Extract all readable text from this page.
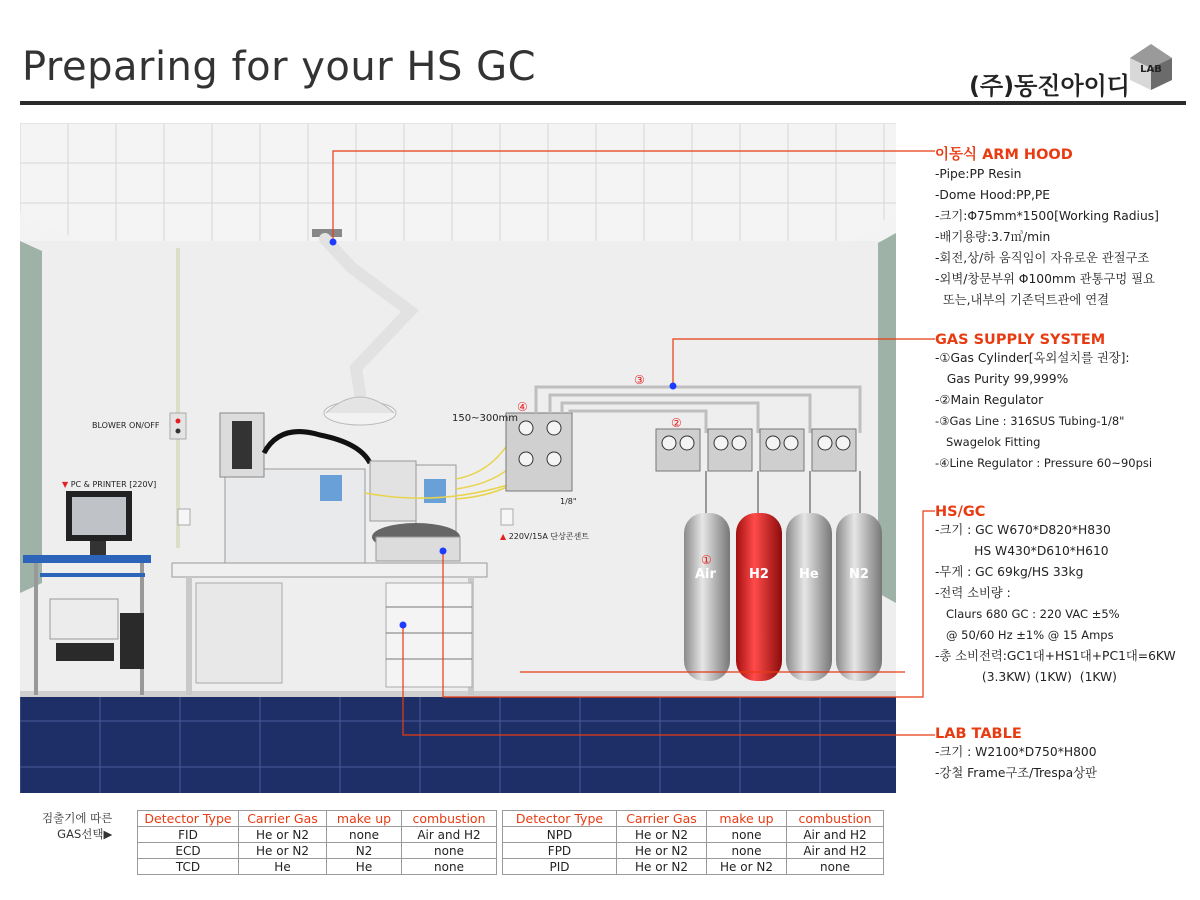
Preparing for your HS GC	(주)동진아이디
LAB
BLOWER ON/OFF
▼ PC & PRINTER [220V]
▲ 220V/15A 단상콘센트
150~300mm
1/8"
①
②
③
④
Air	H2 He N2
이동식 ARM HOOD
-Pipe:PP Resin
-Dome Hood:PP,PE
-크기:Φ75mm*1500[Working Radius]
-배기용량:3.7㎥/min
-회전,상/하 움직임이 자유로운 관절구조
-외벽/창문부위 Φ100mm 관통구멍 필요
또는,내부의 기존덕트관에 연결
GAS SUPPLY SYSTEM
-①Gas Cylinder[옥외설치를 권장]:
Gas Purity 99,999%
-②Main Regulator
-③Gas Line : 316SUS Tubing-1/8"
Swagelok Fitting
-④Line Regulator : Pressure 60~90psi
HS/GC
-크기 : GC W670*D820*H830
HS W430*D610*H610
-무게 : GC 69kg/HS 33kg
-전력 소비량 :
Claurs 680 GC : 220 VAC ±5%
@ 50/60 Hz ±1% @ 15 Amps
-총 소비전력:GC1대+HS1대+PC1대=6KW
(3.3KW) (1KW)  (1KW)
LAB TABLE
-크기 : W2100*D750*H800
-강철 Frame구조/Trespa상판
검출기에 따른
GAS선택▶
Detector Type	Carrier Gas	make up	combustion		Detector Type	Carrier Gas	make up	combustion
FID	He or N2	none	Air and H2		NPD	He or N2	none	Air and H2
ECD	He or N2	N2	none		FPD	He or N2	none	Air and H2
TCD	He	He	none		PID	He or N2	He or N2	none
